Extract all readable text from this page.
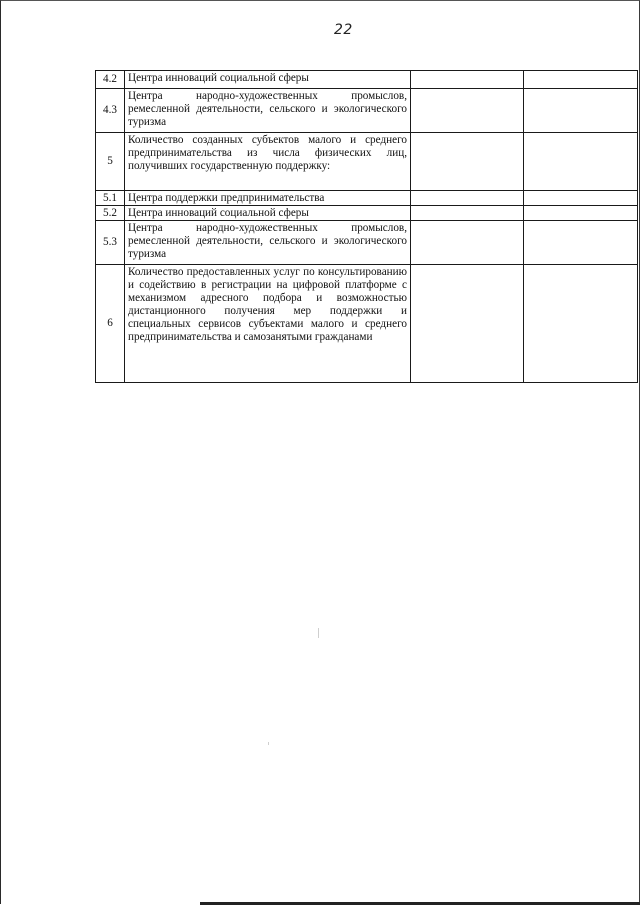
22
4.2	Центра инноваций социальной сферы		
4.3	Центра народно-художественных промыслов, ремесленной деятельности, сельского и экологического туризма		
5	Количество созданных субъектов малого и среднего предпринимательства из числа физических лиц, получивших государственную поддержку:		
5.1	Центра поддержки предпринимательства		
5.2	Центра инноваций социальной сферы		
5.3	Центра народно-художественных промыслов, ремесленной деятельности, сельского и экологического туризма		
6	Количество предоставленных услуг по консультированию и содействию в регистрации на цифровой платформе с механизмом адресного подбора и возможностью дистанционного получения мер поддержки и специальных сервисов субъектами малого и среднего предпринимательства и самозанятыми гражданами		
